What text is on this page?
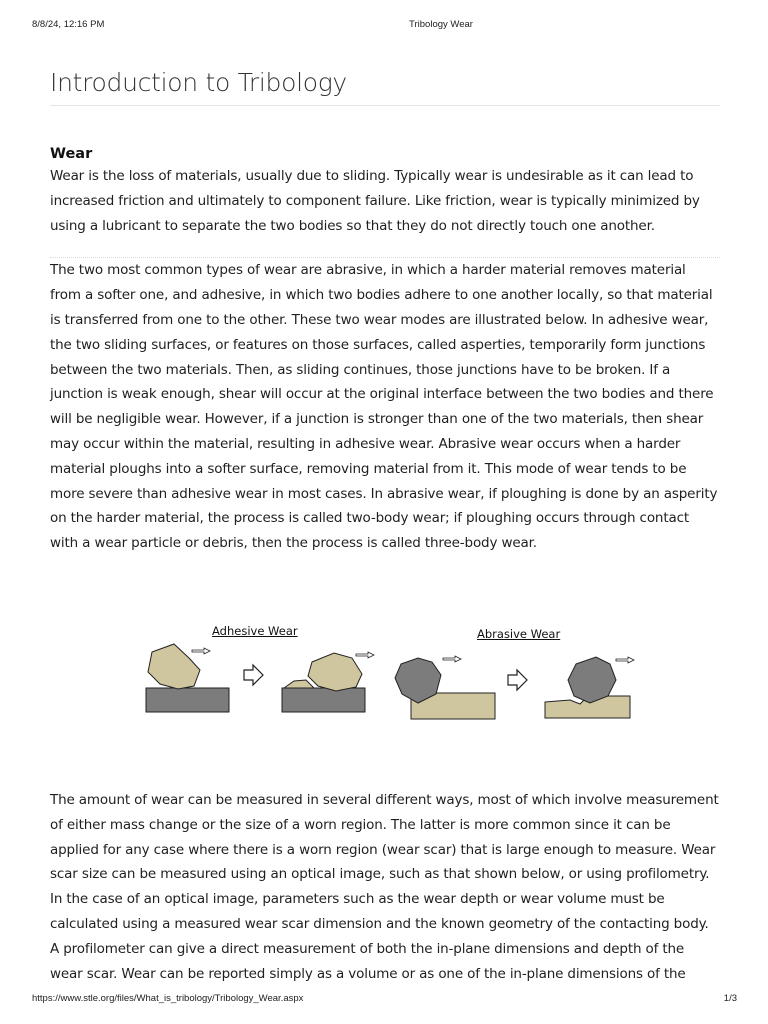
8/8/24, 12:16 PM	Tribology Wear
Introduction to Tribology
Wear

Wear is the loss of materials, usually due to sliding. Typically wear is undesirable as it can lead to increased friction and ultimately to component failure. Like friction, wear is typically minimized by using a lubricant to separate the two bodies so that they do not directly touch one another.

The two most common types of wear are abrasive, in which a harder material removes material from a softer one, and adhesive, in which two bodies adhere to one another locally, so that material is transferred from one to the other. These two wear modes are illustrated below. In adhesive wear, the two sliding surfaces, or features on those surfaces, called asperties, temporarily form junctions between the two materials. Then, as sliding continues, those junctions have to be broken. If a junction is weak enough, shear will occur at the original interface between the two bodies and there will be negligible wear. However, if a junction is stronger than one of the two materials, then shear may occur within the material, resulting in adhesive wear. Abrasive wear occurs when a harder material ploughs into a softer surface, removing material from it. This mode of wear tends to be more severe than adhesive wear in most cases. In abrasive wear, if ploughing is done by an asperity on the harder material, the process is called two-body wear; if ploughing occurs through contact with a wear particle or debris, then the process is called three-body wear.

Adhesive Wear	Abrasive Wear

The amount of wear can be measured in several different ways, most of which involve measurement of either mass change or the size of a worn region. The latter is more common since it can be applied for any case where there is a worn region (wear scar) that is large enough to measure. Wear scar size can be measured using an optical image, such as that shown below, or using profilometry. In the case of an optical image, parameters such as the wear depth or wear volume must be calculated using a measured wear scar dimension and the known geometry of the contacting body. A profilometer can give a direct measurement of both the in-plane dimensions and depth of the wear scar. Wear can be reported simply as a volume or as one of the in-plane dimensions of the

https://www.stle.org/files/What_is_tribology/Tribology_Wear.aspx	1/3
